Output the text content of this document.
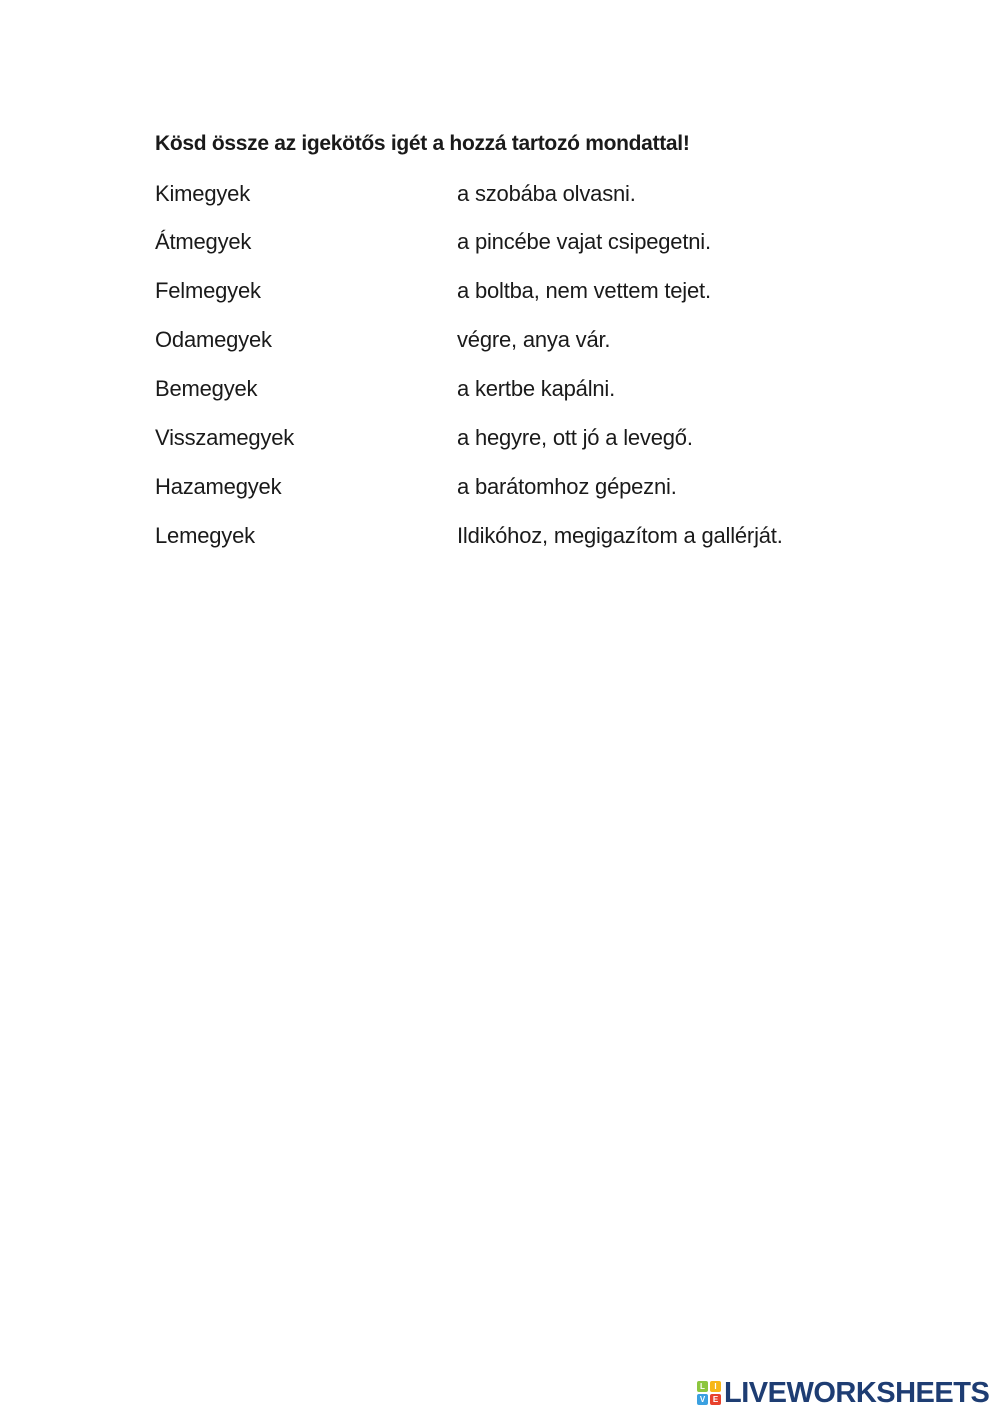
Kösd össze az igekötős igét a hozzá tartozó mondattal!
Kimegyek	a szobába olvasni.
Átmegyek	a pincébe vajat csipegetni.
Felmegyek	a boltba, nem vettem tejet.
Odamegyek	végre, anya vár.
Bemegyek	a kertbe kapálni.
Visszamegyek	a hegyre, ott jó a levegő.
Hazamegyek	a barátomhoz gépezni.
Lemegyek	Ildikóhoz, megigazítom a gallérját.
L	I
V E LIVEWORKSHEETS
